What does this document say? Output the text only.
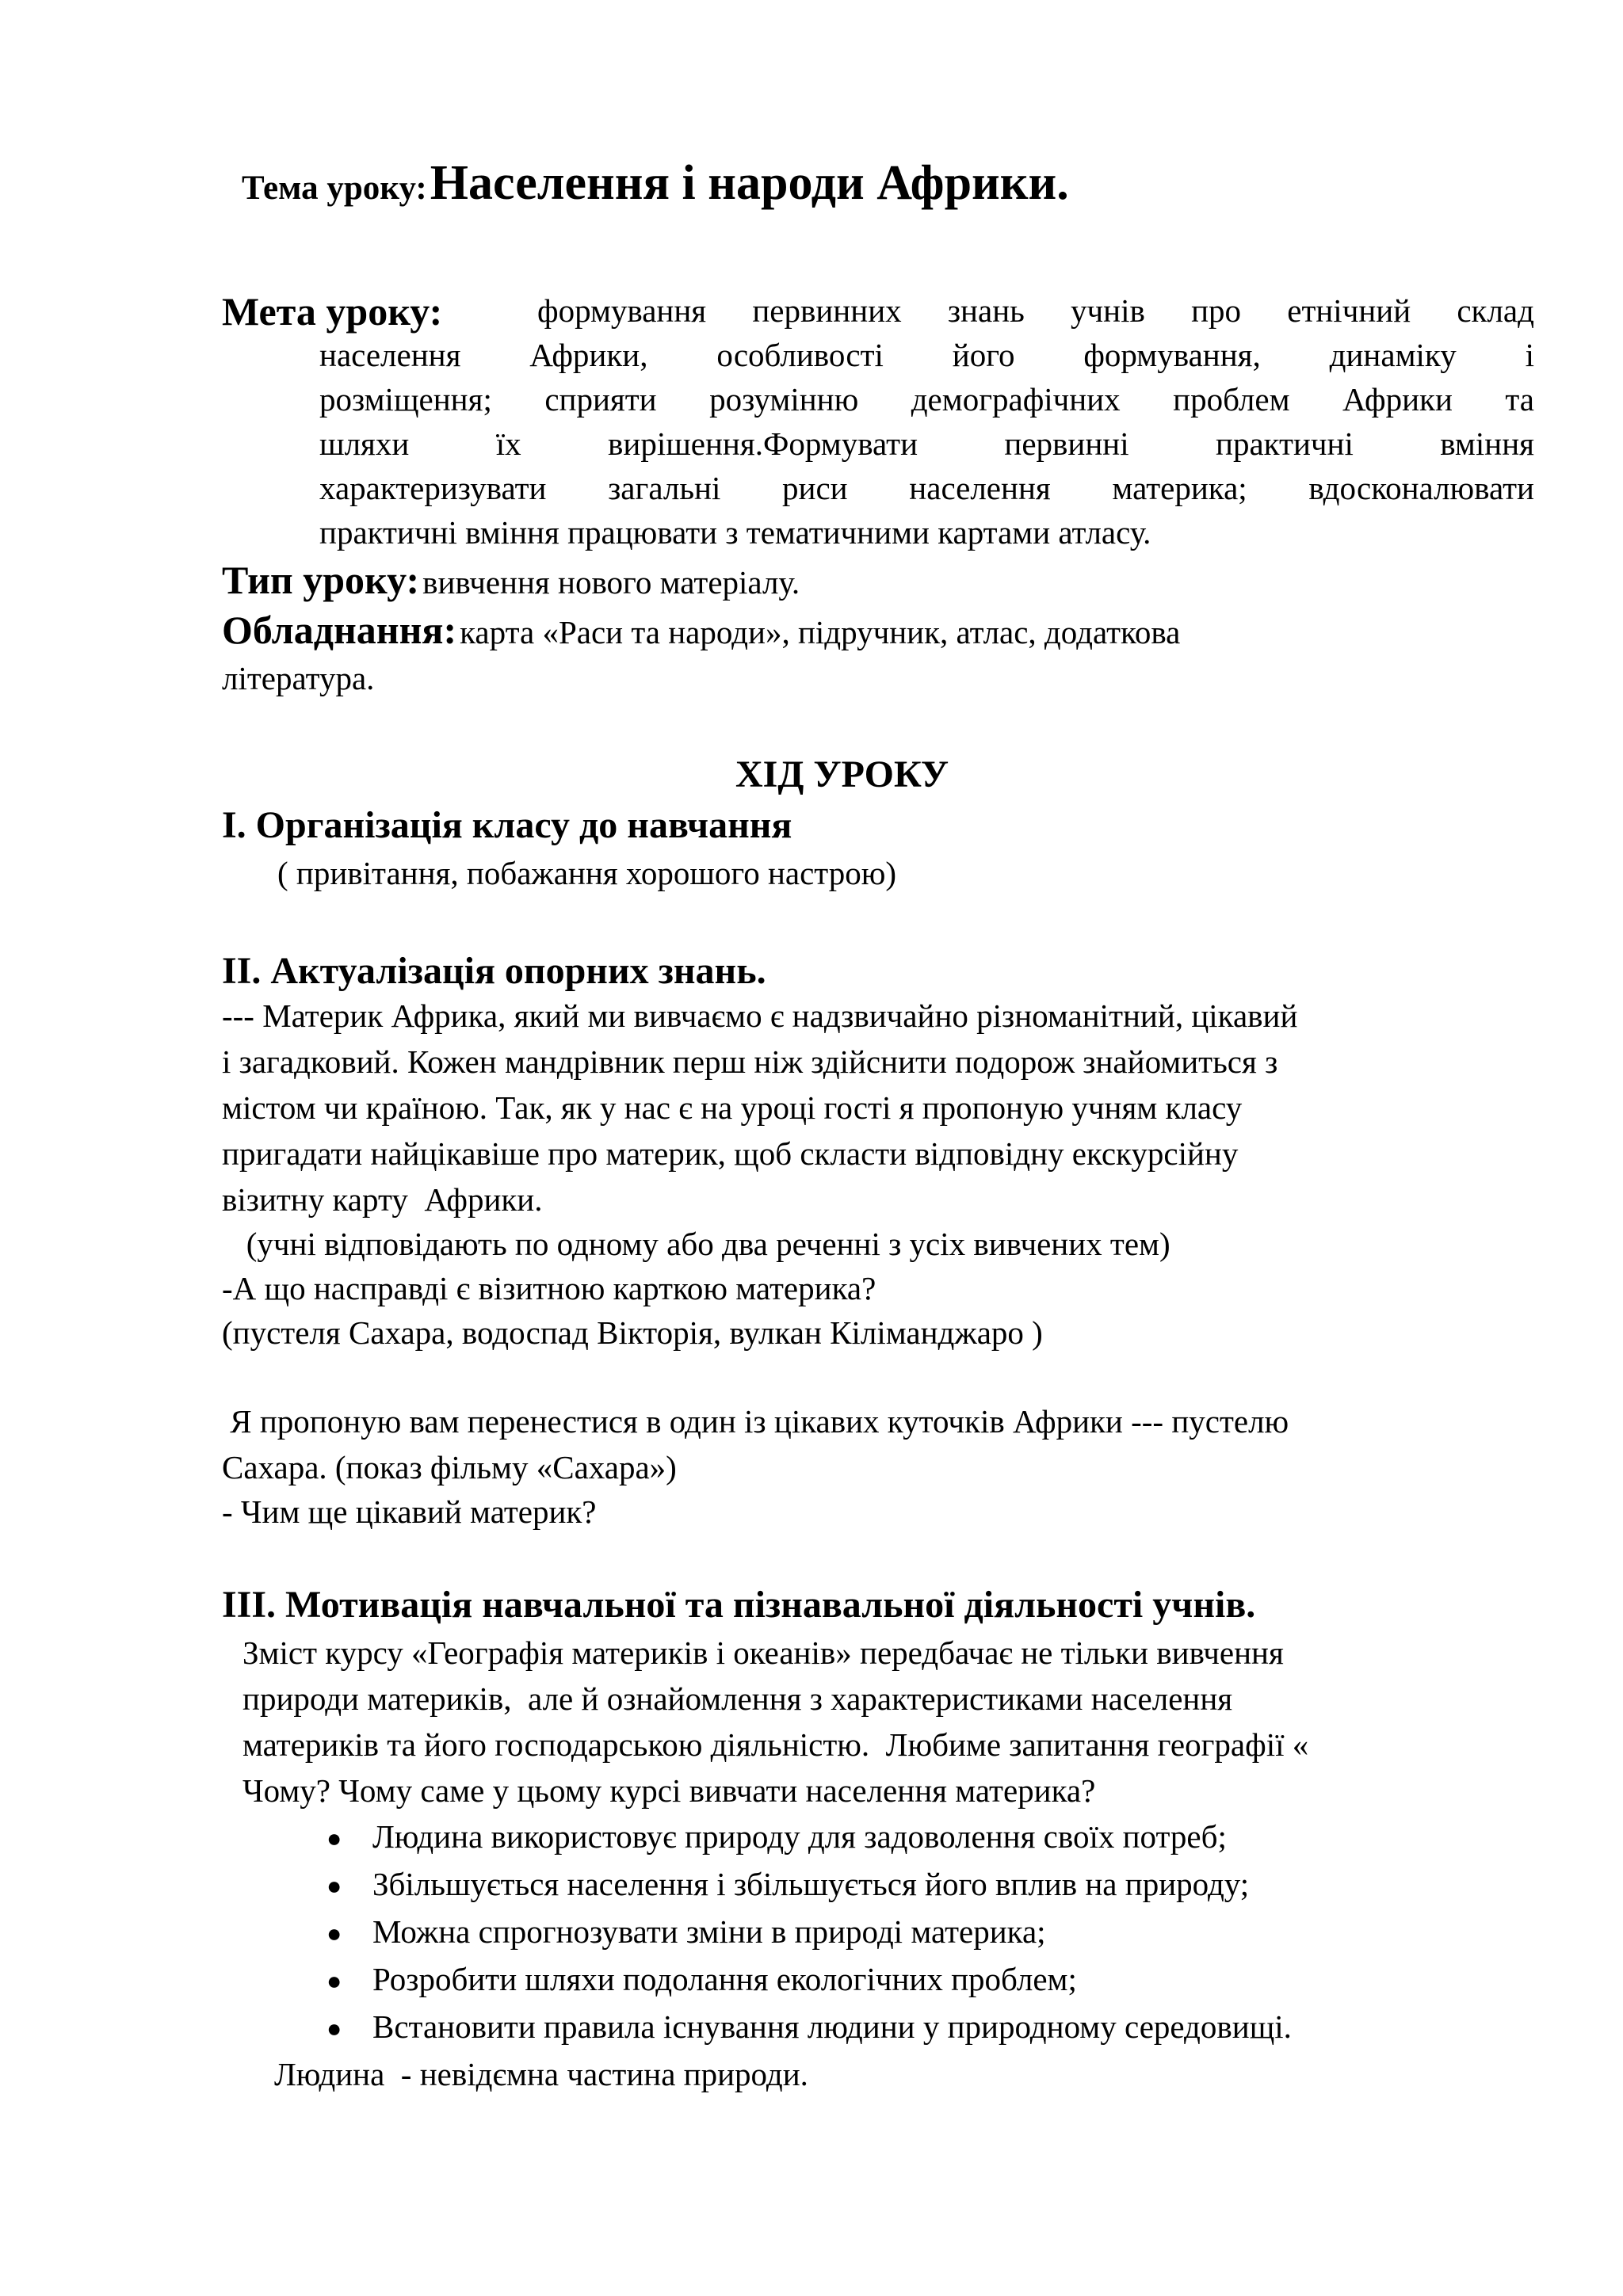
Тема уроку: Населення і народи Африки.
Мета уроку:	формування первинних знань учнів про етнічний склад

населення Африки, особливості його формування, динаміку і

розміщення; сприяти розумінню демографічних проблем Африки та

шляхи їх вирішення.Формувати первинні практичні вміння

характеризувати загальні риси населення материка; вдосконалювати

практичні вміння працювати з тематичними картами атласу.

Тип уроку: вивчення нового матеріалу.
Обладнання: карта «Раси та народи», підручник, атлас, додаткова

література.

ХІД УРОКУ

І. Організація класу до навчання

( привітання, побажання хорошого настрою)

ІІ. Актуалізація опорних знань.

--- Материк Африка, який ми вивчаємо є надзвичайно різноманітний, цікавий

і загадковий. Кожен мандрівник перш ніж здійснити подорож знайомиться з

містом чи країною. Так, як у нас є на уроці гості я пропоную учням класу

пригадати найцікавіше про материк, щоб скласти відповідну екскурсійну

візитну карту  Африки.

(учні відповідають по одному або два реченні з усіх вивчених тем)

-А що насправді є візитною карткою материка?

(пустеля Сахара, водоспад Вікторія, вулкан Кіліманджаро )

Я пропоную вам перенестися в один із цікавих куточків Африки --- пустелю

Сахара. (показ фільму «Сахара»)

- Чим ще цікавий материк?

ІІІ. Мотивація навчальної та пізнавальної діяльності учнів.

Зміст курсу «Географія материків і океанів» передбачає не тільки вивчення

природи материків,  але й ознайомлення з характеристиками населення

материків та його господарською діяльністю.  Любиме запитання географії «

Чому? Чому саме у цьому курсі вивчати населення материка?

● Людина використовує природу для задоволення своїх потреб;

● Збільшується населення і збільшується його вплив на природу;

● Можна спрогнозувати зміни в природі материка;

● Розробити шляхи подолання екологічних проблем;

● Встановити правила існування людини у природному середовищі.

Людина  - невідємна частина природи.
